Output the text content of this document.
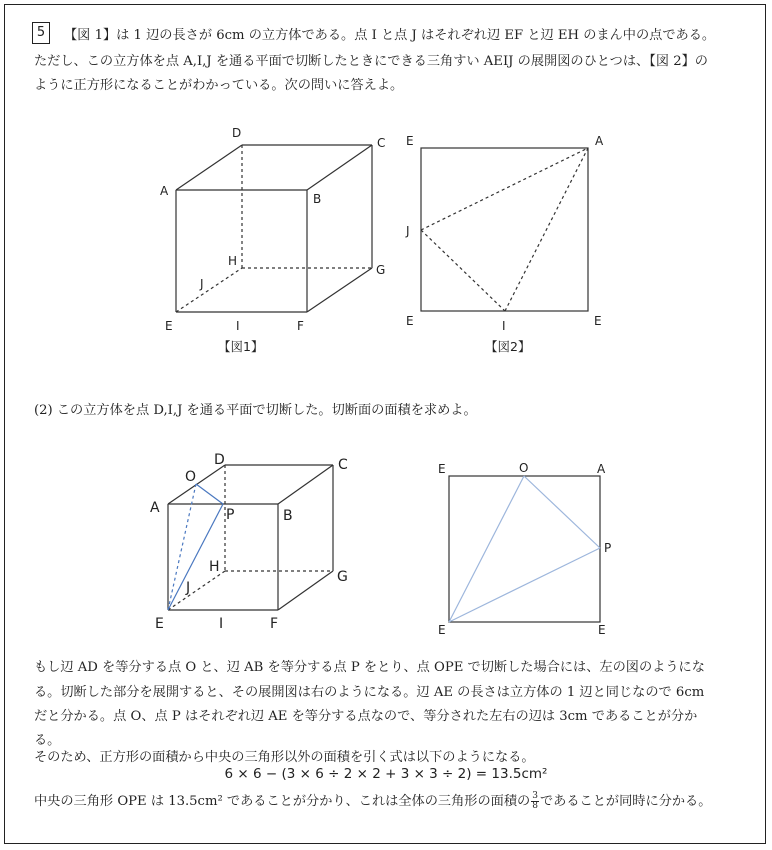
5	【図 1】は 1 辺の長さが 6cm の立方体である。点 I と点 J はそれぞれ辺 EF と辺 EH のまん中の点である。
ただし、この立方体を点 A,I,J を通る平面で切断したときにできる三角すい AEIJ の展開図のひとつは、【図 2】の
ように正方形になることがわかっている。次の問いに答えよ。
(2) この立方体を点 D,I,J を通る平面で切断した。切断面の面積を求めよ。
A
B
C
D
E	F
G
H
I
J
【図1】
E	A
J
E	I	E
【図2】
O
D	C
A	P	B
H
G
J
E	I	F
E	O	A
P
E	E
もし辺 AD を等分する点 O と、辺 AB を等分する点 P をとり、点 OPE で切断した場合には、左の図のようにな
る。切断した部分を展開すると、その展開図は右のようになる。辺 AE の長さは立方体の 1 辺と同じなので 6cm
だと分かる。点 O、点 P はそれぞれ辺 AE を等分する点なので、等分された左右の辺は 3cm であることが分か
る。
そのため、正方形の面積から中央の三角形以外の面積を引く式は以下のようになる。
6 × 6 − (3 × 6 ÷ 2 × 2 + 3 × 3 ÷ 2) = 13.5cm²
中央の三角形 OPE は 13.5cm² であることが分かり、これは全体の三角形の面積の $\frac{3}{8}$ であることが同時に分かる。
